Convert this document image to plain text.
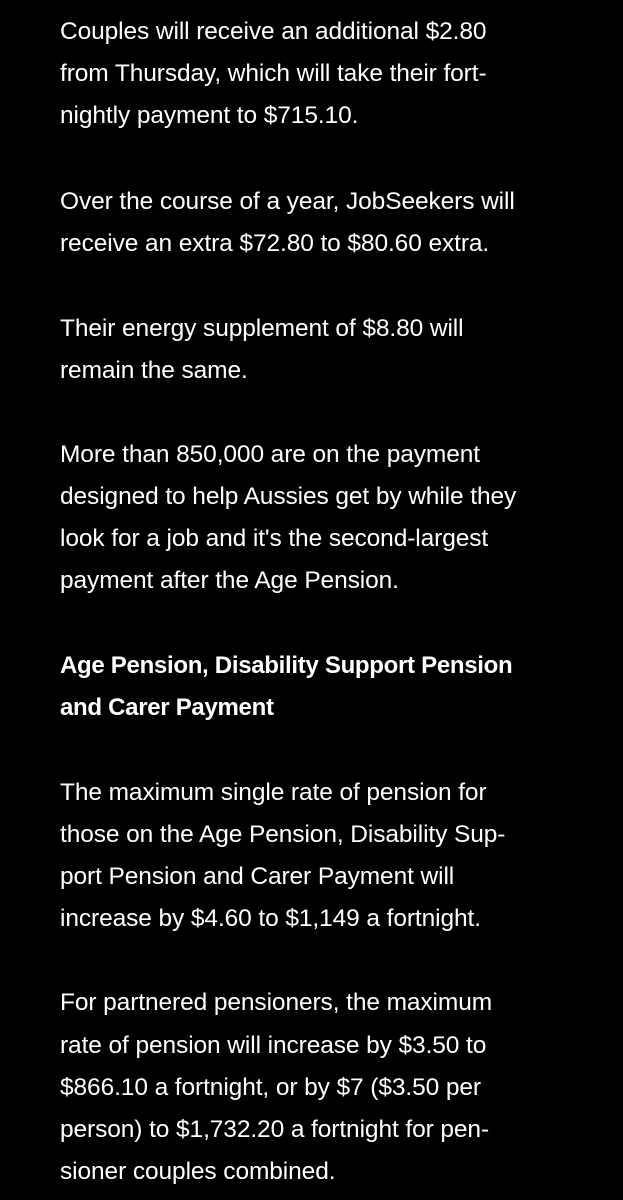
Couples will receive an additional $2.80
from Thursday, which will take their fort-
nightly payment to $715.10.
Over the course of a year, JobSeekers will
receive an extra $72.80 to $80.60 extra.
Their energy supplement of $8.80 will
remain the same.
More than 850,000 are on the payment
designed to help Aussies get by while they
look for a job and it's the second-largest
payment after the Age Pension.
Age Pension, Disability Support Pension
and Carer Payment
The maximum single rate of pension for
those on the Age Pension, Disability Sup-
port Pension and Carer Payment will
increase by $4.60 to $1,149 a fortnight.
For partnered pensioners, the maximum
rate of pension will increase by $3.50 to
$866.10 a fortnight, or by $7 ($3.50 per
person) to $1,732.20 a fortnight for pen-
sioner couples combined.
